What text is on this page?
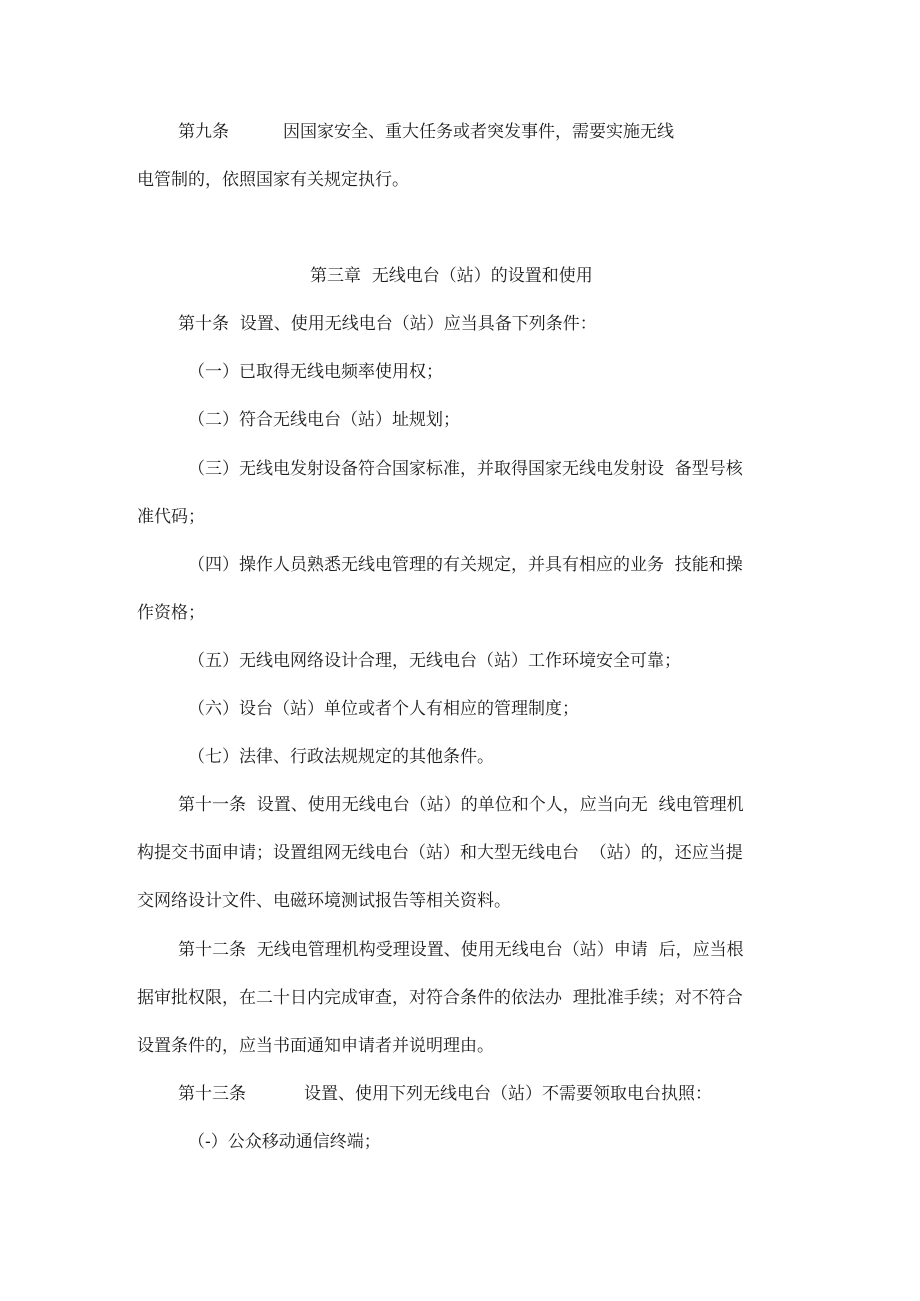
第九条	因国家安全、重大任务或者突发事件，需要实施无线
电管制的，依照国家有关规定执行。
第三章  无线电台（站）的设置和使用
第十条  设置、使用无线电台（站）应当具备下列条件：
（一）已取得无线电频率使用权；
（二）符合无线电台（站）址规划；
（三）无线电发射设备符合国家标准，并取得国家无线电发射设  备型号核
准代码；
（四）操作人员熟悉无线电管理的有关规定，并具有相应的业务  技能和操
作资格；
（五）无线电网络设计合理，无线电台（站）工作环境安全可靠；
（六）设台（站）单位或者个人有相应的管理制度；
（七）法律、行政法规规定的其他条件。
第十一条  设置、使用无线电台（站）的单位和个人，应当向无  线电管理机
构提交书面申请；设置组网无线电台（站）和大型无线电台  （站）的，还应当提
交网络设计文件、电磁环境测试报告等相关资料。
第十二条  无线电管理机构受理设置、使用无线电台（站）申请  后，应当根
据审批权限，在二十日内完成审查，对符合条件的依法办  理批准手续；对不符合
设置条件的，应当书面通知申请者并说明理由。
第十三条	设置、使用下列无线电台（站）不需要领取电台执照：
（-）公众移动通信终端；
